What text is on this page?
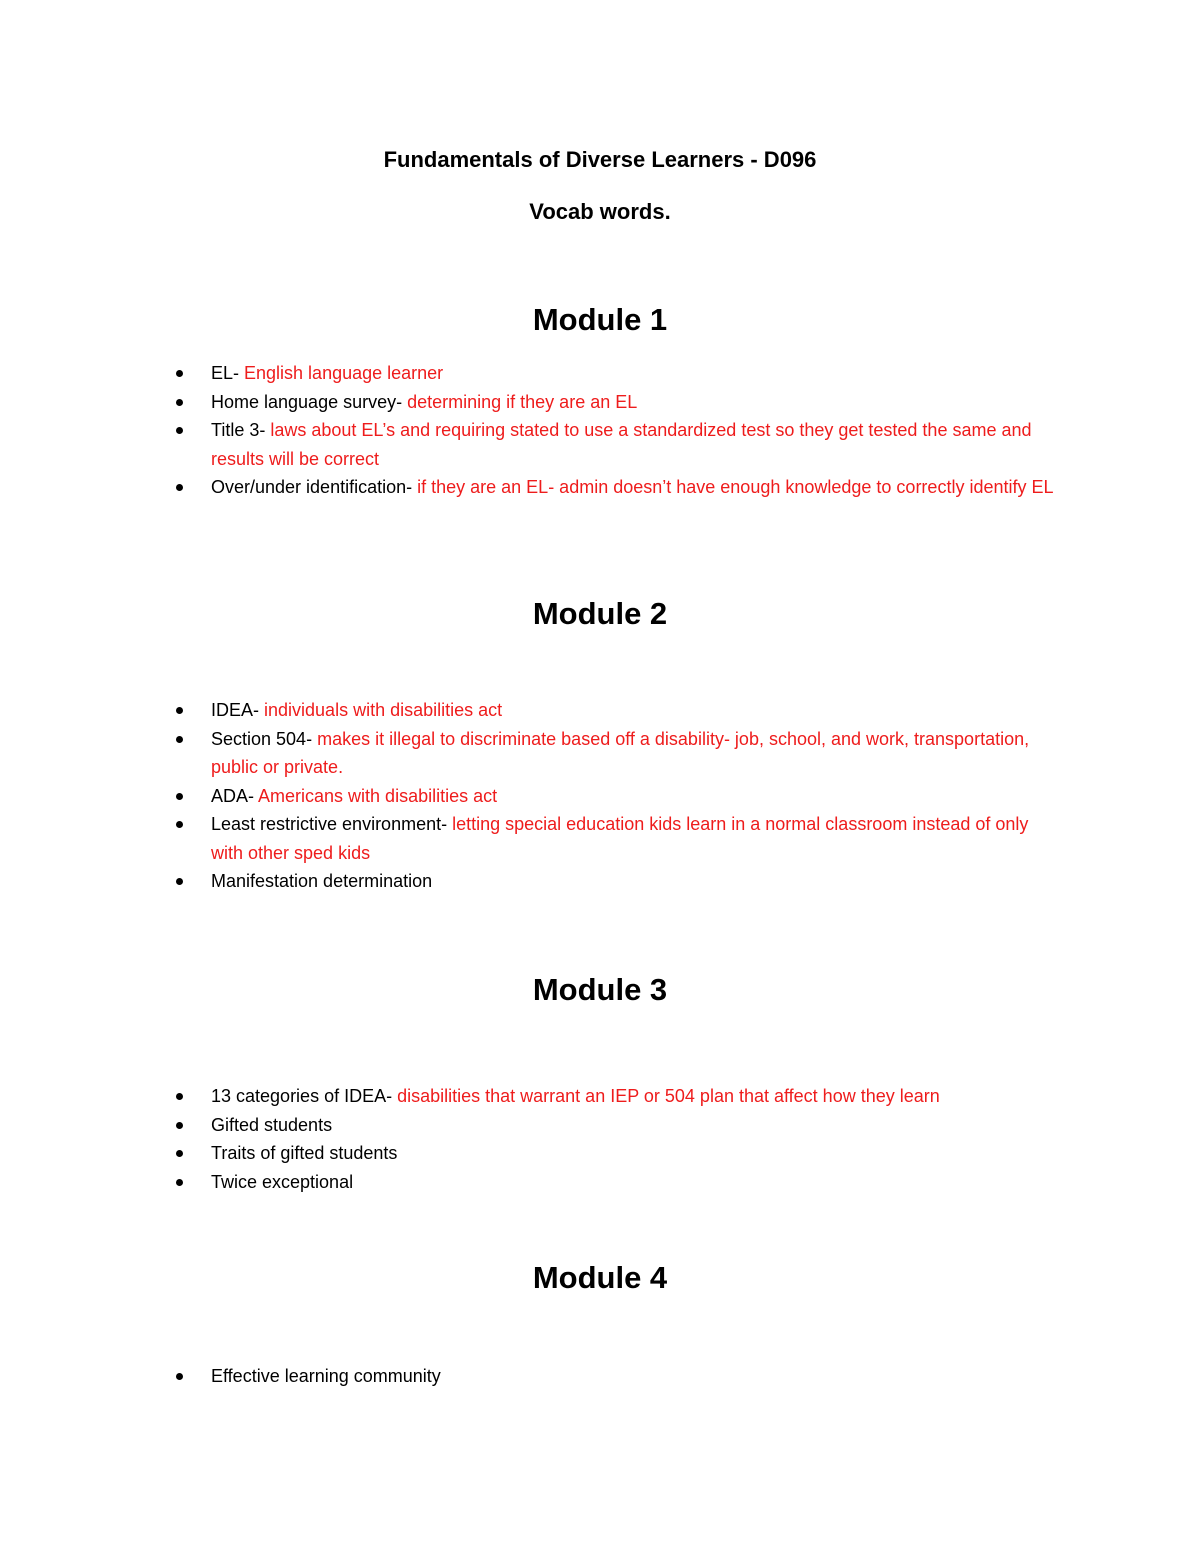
Fundamentals of Diverse Learners - D096
Vocab words.
Module 1
EL- English language learner
Home language survey- determining if they are an EL
Title 3- laws about EL’s and requiring stated to use a standardized test so they get tested the same and results will be correct
Over/under identification- if they are an EL- admin doesn’t have enough knowledge to correctly identify EL
Module 2
IDEA- individuals with disabilities act
Section 504- makes it illegal to discriminate based off a disability- job, school, and work, transportation, public or private.
ADA- Americans with disabilities act
Least restrictive environment- letting special education kids learn in a normal classroom instead of only with other sped kids
Manifestation determination
Module 3
13 categories of IDEA- disabilities that warrant an IEP or 504 plan that affect how they learn
Gifted students
Traits of gifted students
Twice exceptional
Module 4
Effective learning community
